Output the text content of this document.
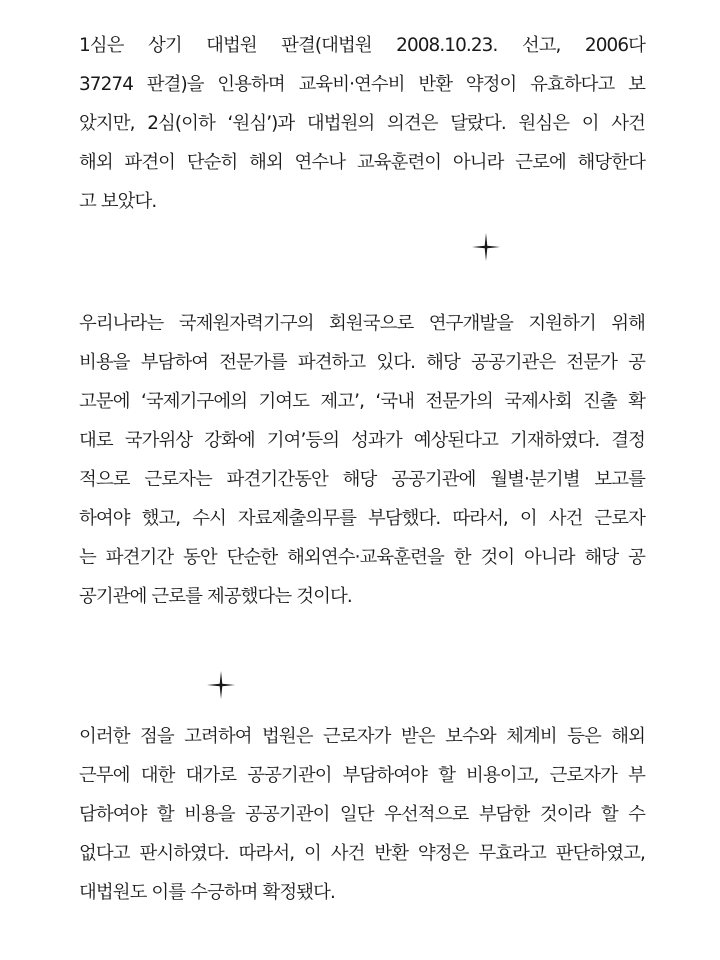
1심은 상기 대법원 판결(대법원 2008.10.23. 선고, 2006다
37274 판결)을 인용하며 교육비·연수비 반환 약정이 유효하다고 보
았지만, 2심(이하 ‘원심’)과 대법원의 의견은 달랐다. 원심은 이 사건
해외 파견이 단순히 해외 연수나 교육훈련이 아니라 근로에 해당한다
고 보았다.
우리나라는 국제원자력기구의 회원국으로 연구개발을 지원하기 위해
비용을 부담하여 전문가를 파견하고 있다. 해당 공공기관은 전문가 공
고문에 ‘국제기구에의 기여도 제고’, ‘국내 전문가의 국제사회 진출 확
대로 국가위상 강화에 기여’등의 성과가 예상된다고 기재하였다. 결정
적으로 근로자는 파견기간동안 해당 공공기관에 월별·분기별 보고를
하여야 했고, 수시 자료제출의무를 부담했다. 따라서, 이 사건 근로자
는 파견기간 동안 단순한 해외연수·교육훈련을 한 것이 아니라 해당 공
공기관에 근로를 제공했다는 것이다.
이러한 점을 고려하여 법원은 근로자가 받은 보수와 체계비 등은 해외
근무에 대한 대가로 공공기관이 부담하여야 할 비용이고, 근로자가 부
담하여야 할 비용을 공공기관이 일단 우선적으로 부담한 것이라 할 수
없다고 판시하였다. 따라서, 이 사건 반환 약정은 무효라고 판단하였고,
대법원도 이를 수긍하며 확정됐다.
